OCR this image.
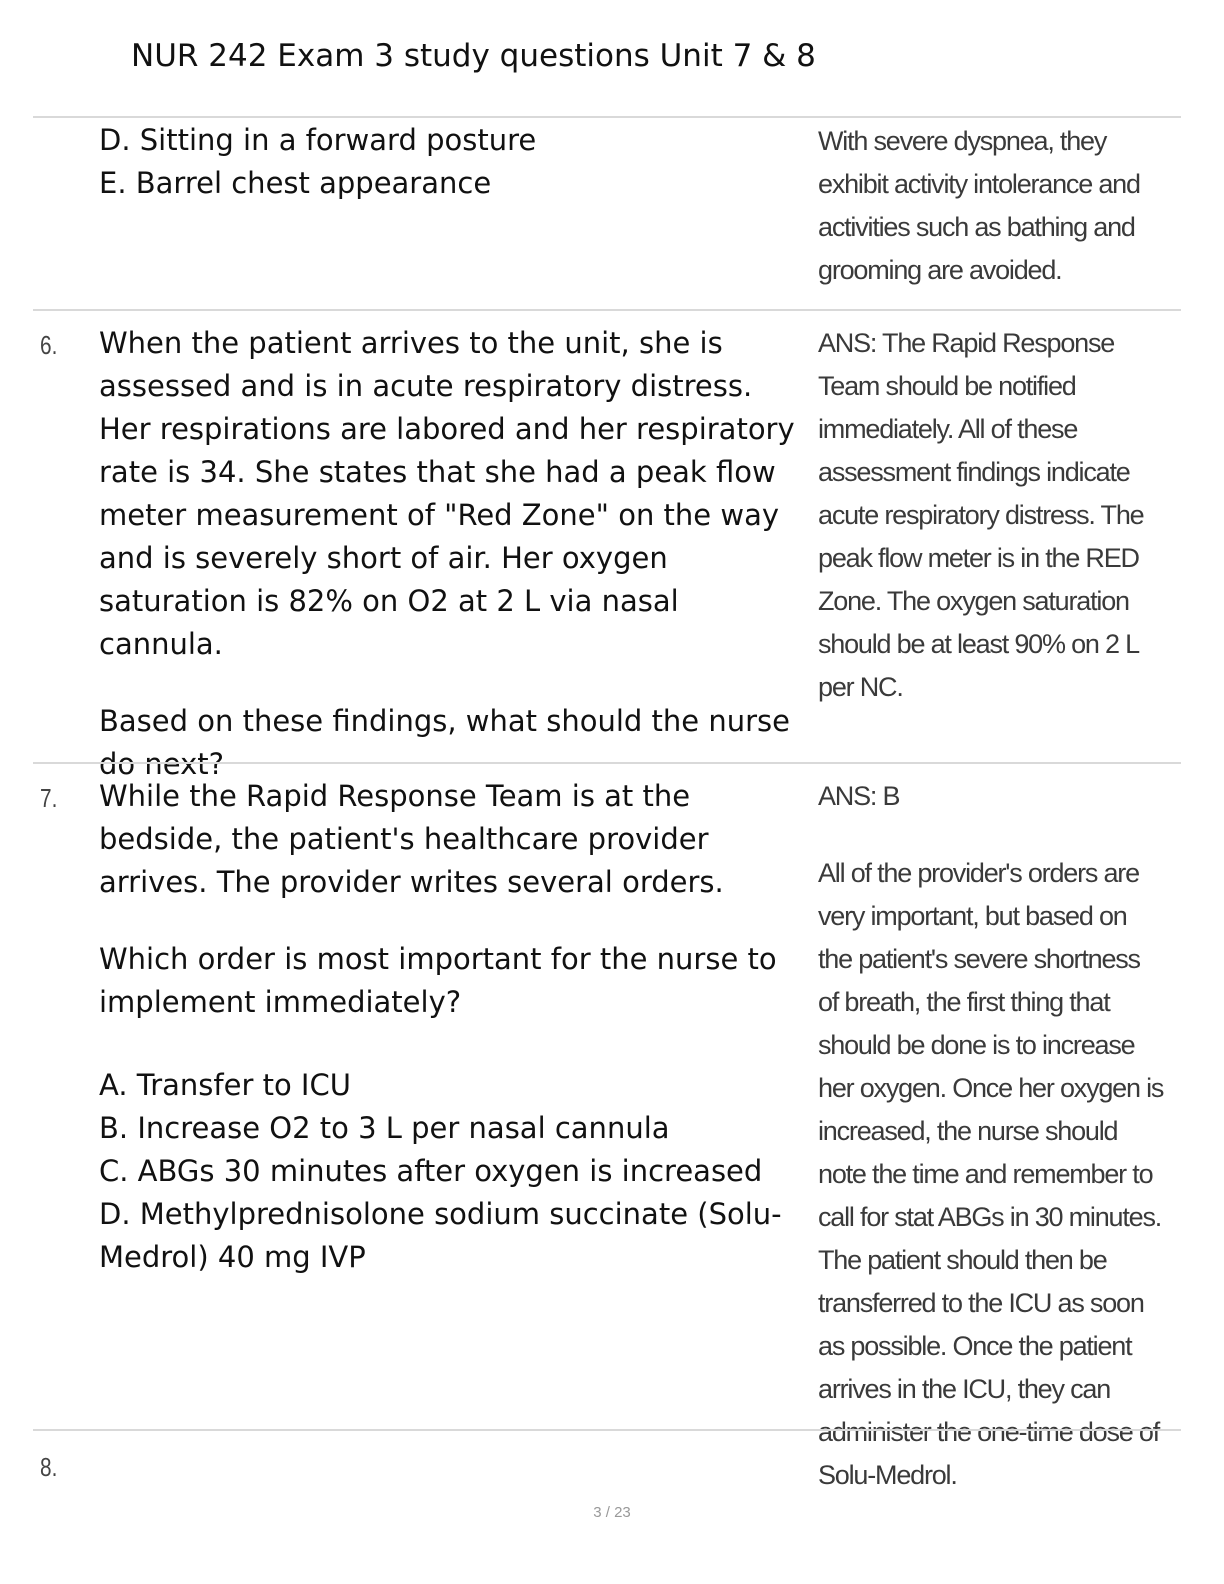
NUR 242 Exam 3 study questions Unit 7 & 8

D. Sitting in a forward posture

E. Barrel chest appearance

With severe dyspnea, they exhibit activity intolerance and activities such as bathing and grooming are avoided.

6. When the patient arrives to the unit, she is assessed and is in acute respiratory distress. Her respirations are labored and her respiratory rate is 34. She states that she had a peak flow meter measurement of "Red Zone" on the way and is severely short of air. Her oxygen saturation is 82% on O2 at 2 L via nasal cannula.

Based on these findings, what should the nurse do next?

ANS: The Rapid Response Team should be notified immediately. All of these assessment findings indicate acute respiratory distress. The peak flow meter is in the RED Zone. The oxygen saturation should be at least 90% on 2 L per NC.

7. While the Rapid Response Team is at the bedside, the patient's healthcare provider arrives. The provider writes several orders.

Which order is most important for the nurse to implement immediately?

A. Transfer to ICU

B. Increase O2 to 3 L per nasal cannula

C. ABGs 30 minutes after oxygen is increased

D. Methylprednisolone sodium succinate (Solu-Medrol) 40 mg IVP

ANS: B

All of the provider's orders are very important, but based on the patient's severe shortness of breath, the first thing that should be done is to increase her oxygen. Once her oxygen is increased, the nurse should note the time and remember to call for stat ABGs in 30 minutes. The patient should then be transferred to the ICU as soon as possible. Once the patient arrives in the ICU, they can administer the one-time dose of Solu-Medrol.

8.
3 / 23
